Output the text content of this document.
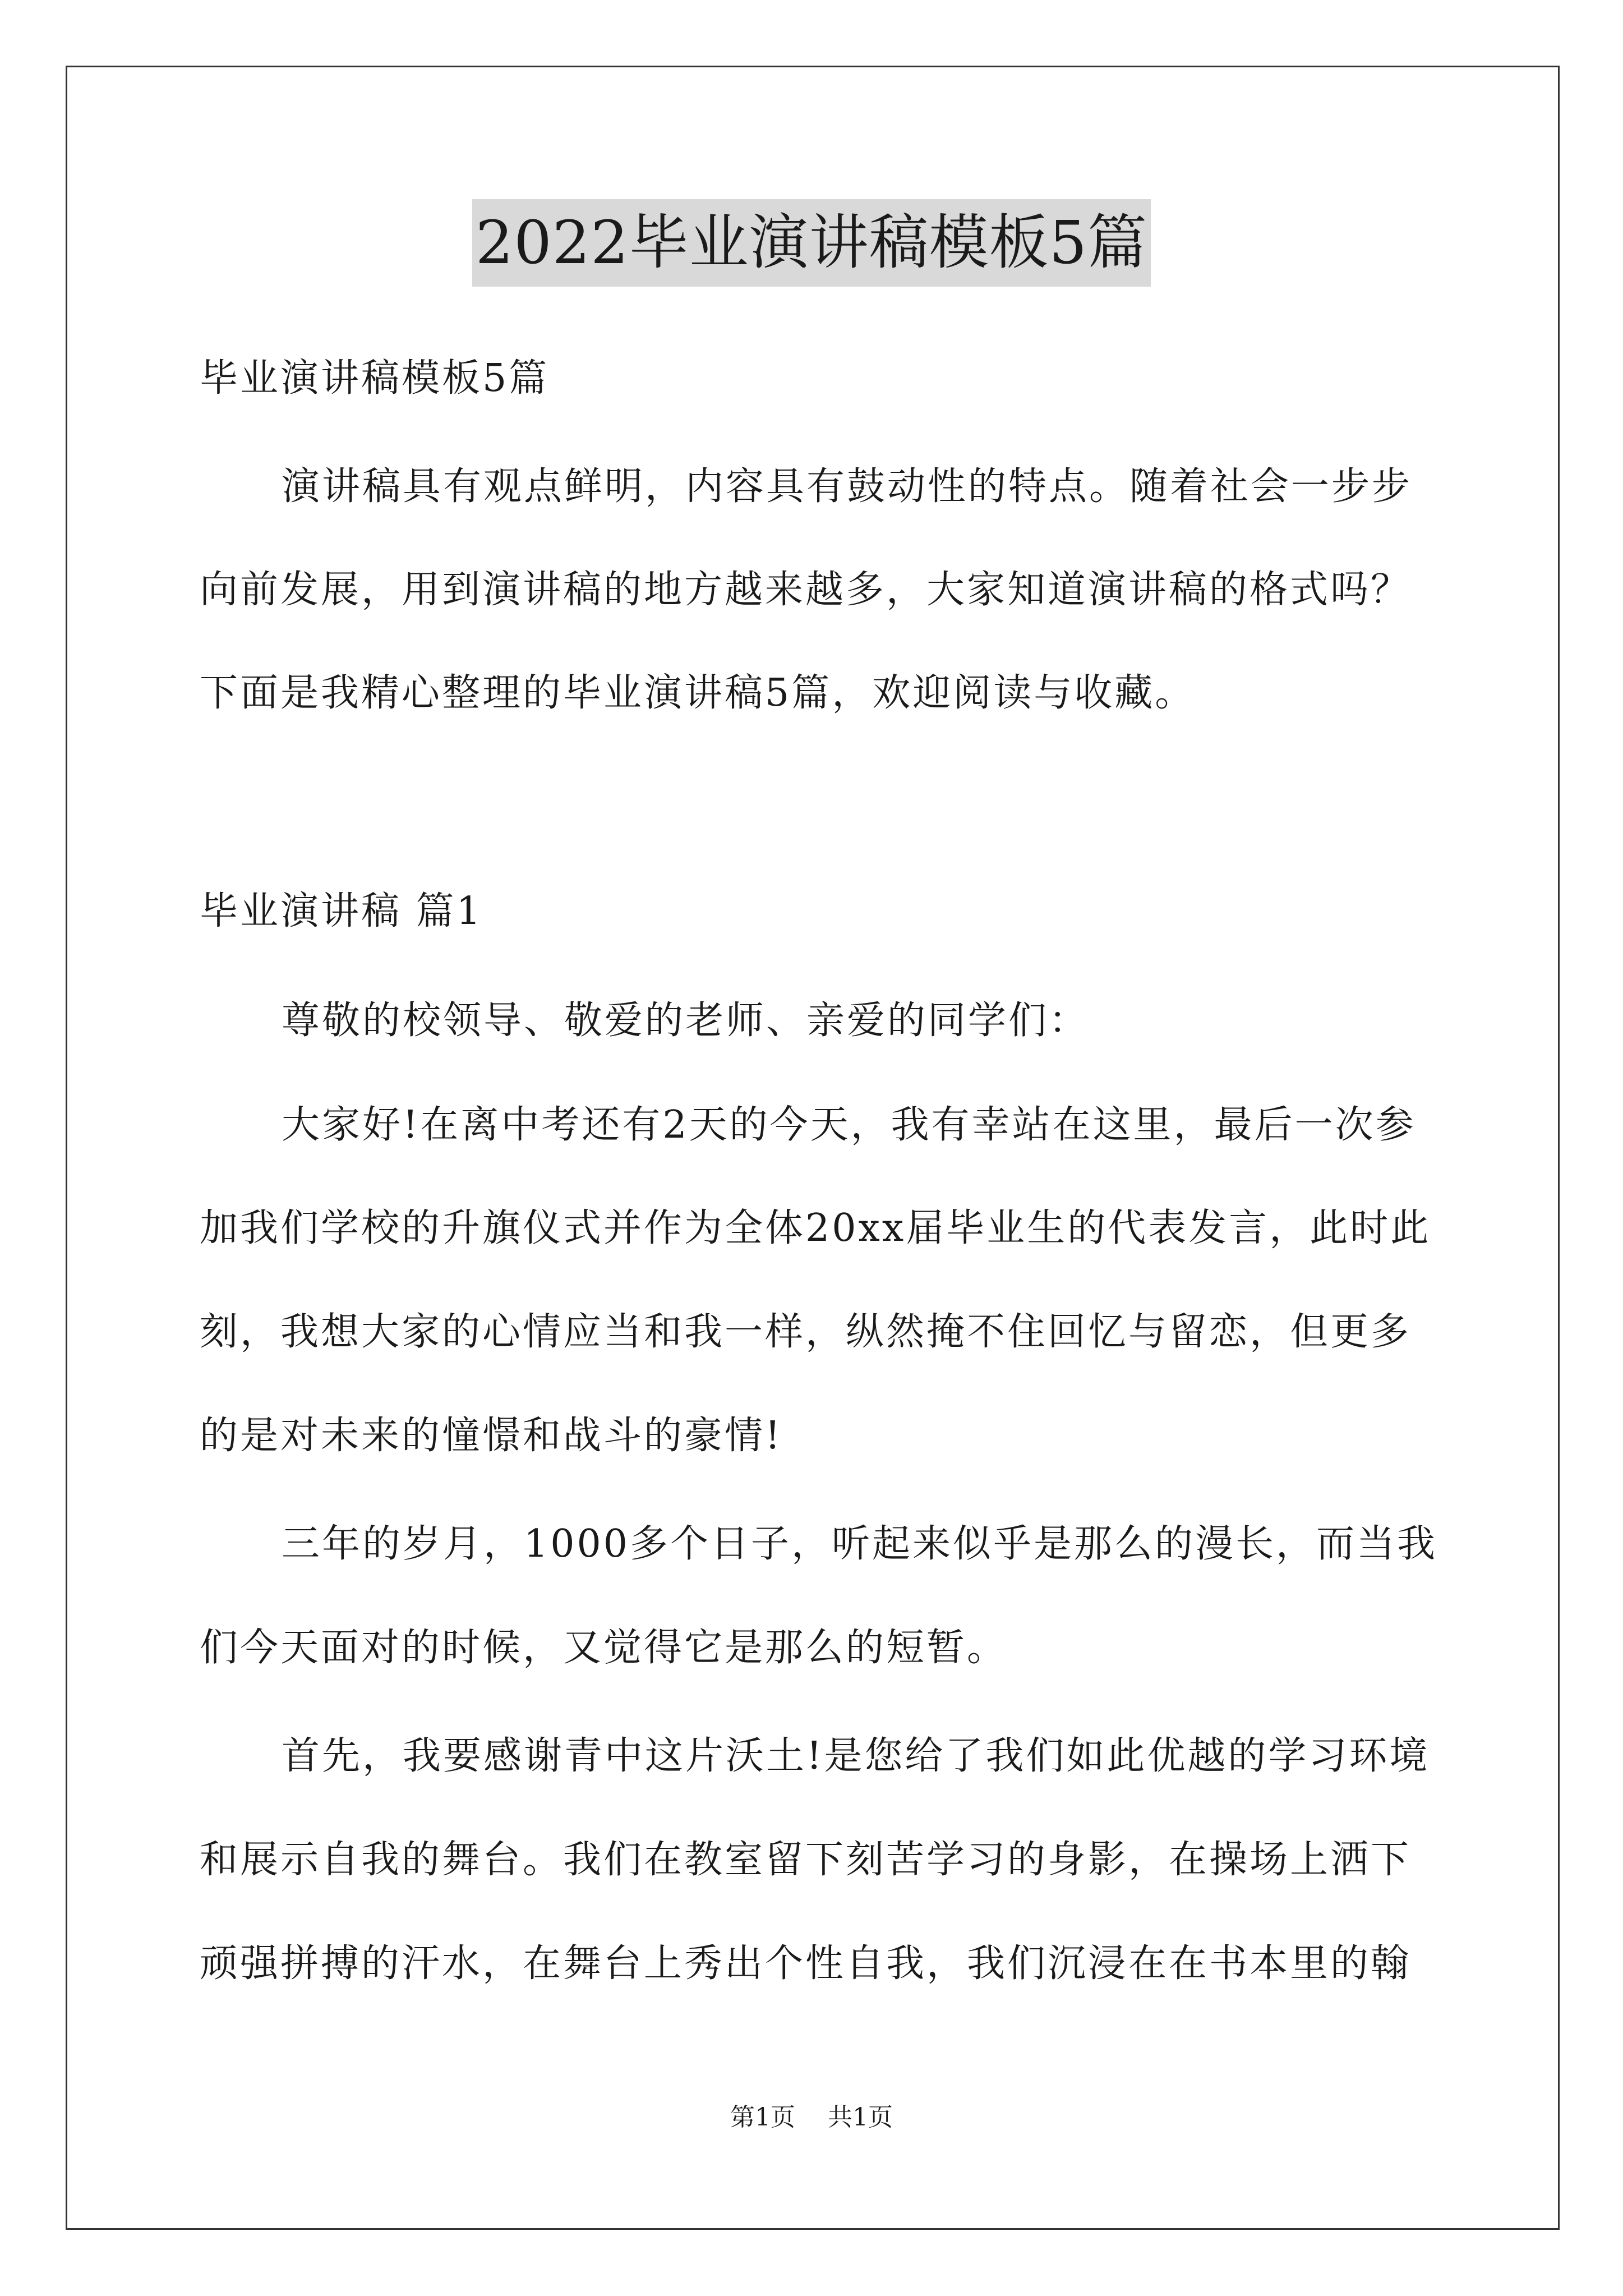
2022毕业演讲稿模板5篇
毕业演讲稿模板5篇
演讲稿具有观点鲜明，内容具有鼓动性的特点。随着社会一步步
向前发展，用到演讲稿的地方越来越多，大家知道演讲稿的格式吗？
下面是我精心整理的毕业演讲稿5篇，欢迎阅读与收藏。
毕业演讲稿 篇1
尊敬的校领导、敬爱的老师、亲爱的同学们：
大家好!在离中考还有2天的今天，我有幸站在这里，最后一次参
加我们学校的升旗仪式并作为全体20xx届毕业生的代表发言，此时此
刻，我想大家的心情应当和我一样，纵然掩不住回忆与留恋，但更多
的是对未来的憧憬和战斗的豪情!
三年的岁月，1000多个日子，听起来似乎是那么的漫长，而当我
们今天面对的时候，又觉得它是那么的短暂。
首先，我要感谢青中这片沃土!是您给了我们如此优越的学习环境
和展示自我的舞台。我们在教室留下刻苦学习的身影，在操场上洒下
顽强拼搏的汗水，在舞台上秀出个性自我，我们沉浸在在书本里的翰
第1页 共1页
